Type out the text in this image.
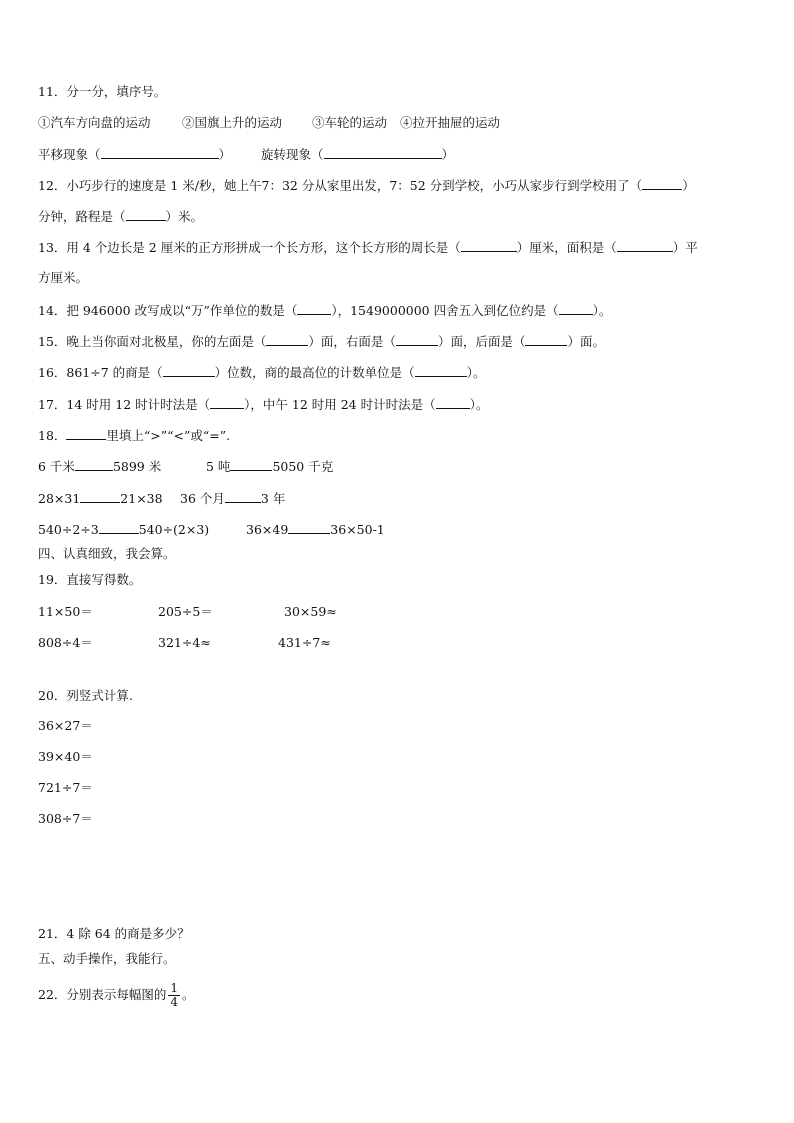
11．分一分，填序号。
①汽车方向盘的运动	②国旗上升的运动 ③车轮的运动 ④拉开抽屉的运动
平移现象（	） 旋转现象（	）
12．小巧步行的速度是 1 米/秒，她上午7：32 分从家里出发，7：52 分到学校，小巧从家步行到学校用了（	）
分钟，路程是（	）米。
13．用 4 个边长是 2 厘米的正方形拼成一个长方形，这个长方形的周长是（	）厘米，面积是（	）平
方厘米。
14．把 946000 改写成以“万”作单位的数是（	），1549000000 四舍五入到亿位约是（	）。
15．晚上当你面对北极星，你的左面是（	）面，右面是（	）面，后面是（	）面。
16．861÷7 的商是（	）位数，商的最高位的计数单位是（	）。
17．14 时用 12 时计时法是（	），中午 12 时用 24 时计时法是（	）。
18．	里填上“>”“<”或“=”.
6 千米	5899 米	5 吨	5050 千克
28×31	21×38 36 个月	3 年
540÷2÷3	540÷(2×3)	36×49	36×50-1
四、认真细致，我会算。
19．直接写得数。
11×50＝	205÷5＝	30×59≈
808÷4＝	321÷4≈	431÷7≈
20．列竖式计算.
36×27＝
39×40＝
721÷7＝
308÷7＝
21．4 除 64 的商是多少？
五、动手操作，我能行。
22．分别表示每幅图的 $\frac{1}{4}$ 。
